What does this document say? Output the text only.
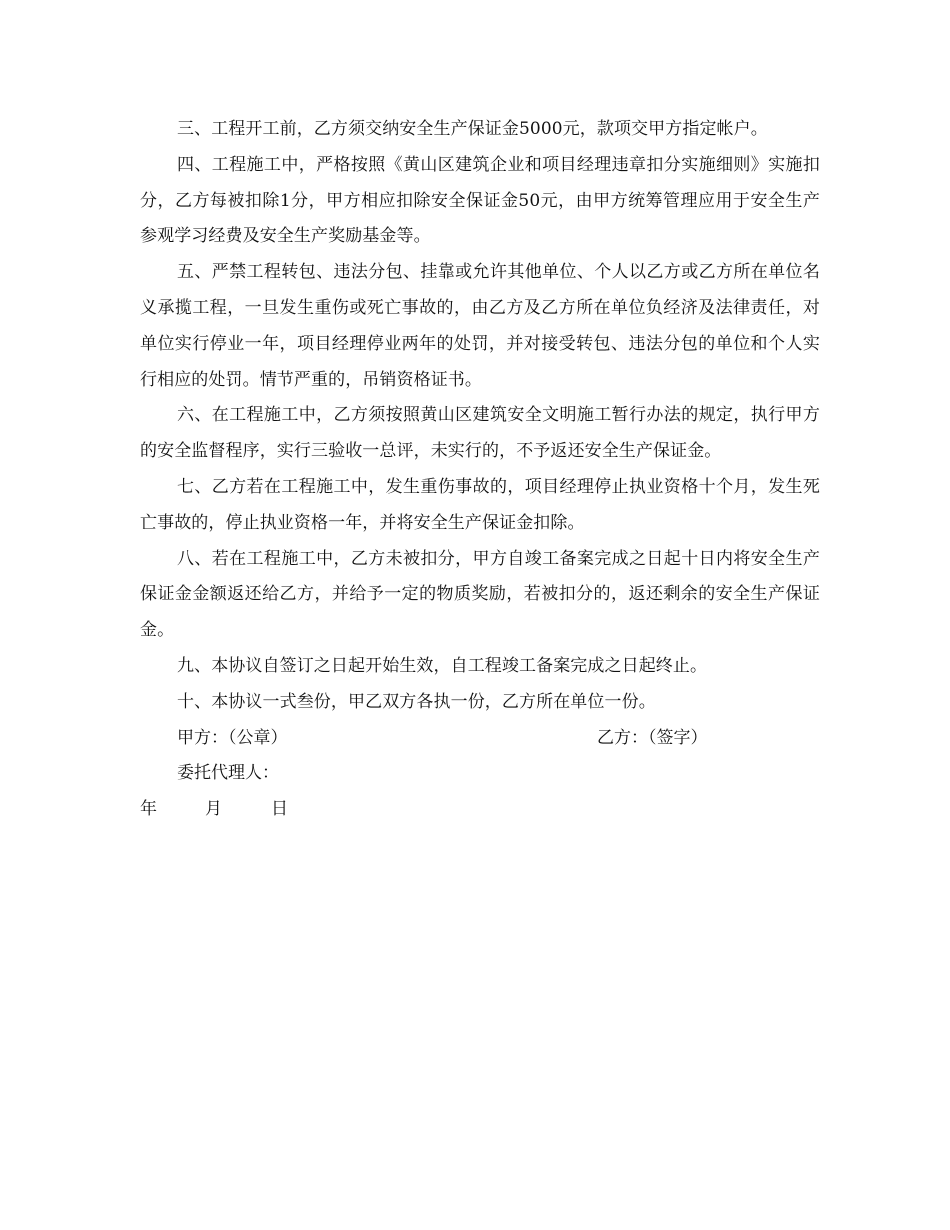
三、工程开工前，乙方须交纳安全生产保证金5000元，款项交甲方指定帐户。

四、工程施工中，严格按照《黄山区建筑企业和项目经理违章扣分实施细则》实施扣分，乙方每被扣除1分，甲方相应扣除安全保证金50元，由甲方统筹管理应用于安全生产参观学习经费及安全生产奖励基金等。

五、严禁工程转包、违法分包、挂靠或允许其他单位、个人以乙方或乙方所在单位名义承揽工程，一旦发生重伤或死亡事故的，由乙方及乙方所在单位负经济及法律责任，对单位实行停业一年，项目经理停业两年的处罚，并对接受转包、违法分包的单位和个人实行相应的处罚。情节严重的，吊销资格证书。

六、在工程施工中，乙方须按照黄山区建筑安全文明施工暂行办法的规定，执行甲方的安全监督程序，实行三验收一总评，未实行的，不予返还安全生产保证金。

七、乙方若在工程施工中，发生重伤事故的，项目经理停止执业资格十个月，发生死亡事故的，停止执业资格一年，并将安全生产保证金扣除。

八、若在工程施工中，乙方未被扣分，甲方自竣工备案完成之日起十日内将安全生产保证金金额返还给乙方，并给予一定的物质奖励，若被扣分的，返还剩余的安全生产保证金。

九、本协议自签订之日起开始生效，自工程竣工备案完成之日起终止。

十、本协议一式叁份，甲乙双方各执一份，乙方所在单位一份。

甲方：（公章）	乙方：（签字）
委托代理人：
年	月	日
